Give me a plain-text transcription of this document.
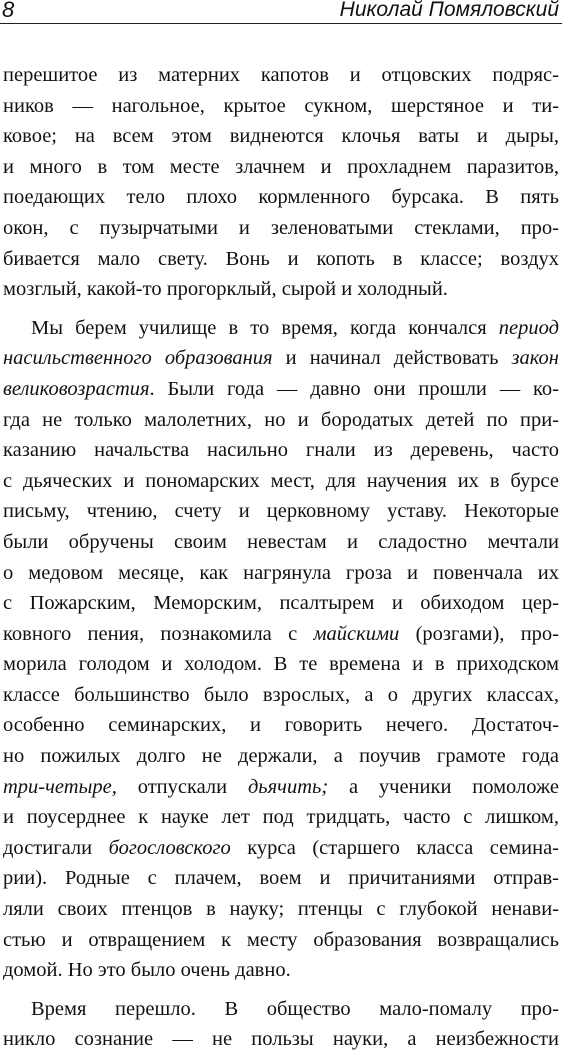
8	Николай Помяловский
перешитое из матерних капотов и отцовских подряс-
ников — нагольное, крытое сукном, шерстяное и ти-
ковое; на всем этом виднеются клочья ваты и дыры,
и много в том месте злачнем и прохладнем паразитов,
поедающих тело плохо кормленного бурсака. В пять
окон, с пузырчатыми и зеленоватыми стеклами, про-
бивается мало свету. Вонь и копоть в классе; воздух
мозглый, какой-то прогорклый, сырой и холодный.
Мы берем училище в то время, когда кончался период
насильственного образования и начинал действовать закон
великовозрастия. Были года — давно они прошли — ко-
гда не только малолетних, но и бородатых детей по при-
казанию начальства насильно гнали из деревень, часто
с дьяческих и пономарских мест, для научения их в бурсе
письму, чтению, счету и церковному уставу. Некоторые
были обручены своим невестам и сладостно мечтали
о медовом месяце, как нагрянула гроза и повенчала их
с Пожарским, Меморским, псалтырем и обиходом цер-
ковного пения, познакомила с майскими (розгами), про-
морила голодом и холодом. В те времена и в приходском
классе большинство было взрослых, а о других классах,
особенно семинарских, и говорить нечего. Достаточ-
но пожилых долго не держали, а поучив грамоте года
три-четыре, отпускали дьячить; а ученики помоложе
и поусерднее к науке лет под тридцать, часто с лишком,
достигали богословского курса (старшего класса семина-
рии). Родные с плачем, воем и причитаниями отправ-
ляли своих птенцов в науку; птенцы с глубокой ненави-
стью и отвращением к месту образования возвращались
домой. Но это было очень давно.
Время перешло. В общество мало-помалу про-
никло сознание — не пользы науки, а неизбежности
